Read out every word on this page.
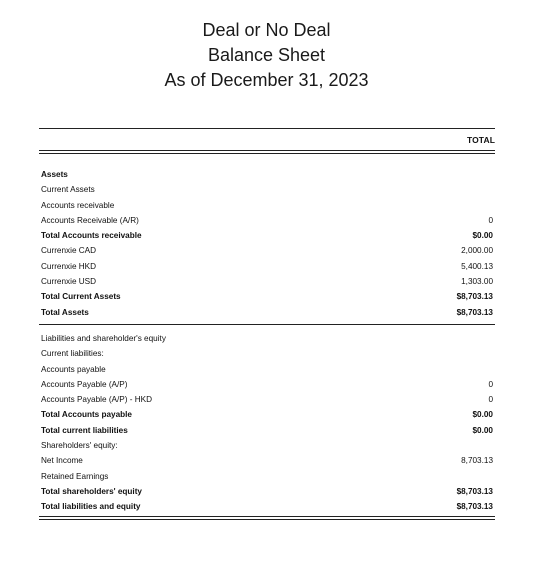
Deal or No Deal
Balance Sheet
As of December 31, 2023
TOTAL
Assets
Current Assets
Accounts receivable
Accounts Receivable (A/R)	0
Total Accounts receivable	$0.00
Currenxie CAD	2,000.00
Currenxie HKD	5,400.13
Currenxie USD	1,303.00
Total Current Assets	$8,703.13
Total Assets	$8,703.13
Liabilities and shareholder's equity
Current liabilities:
Accounts payable
Accounts Payable (A/P)	0
Accounts Payable (A/P) - HKD	0
Total Accounts payable	$0.00
Total current liabilities	$0.00
Shareholders' equity:
Net Income	8,703.13
Retained Earnings
Total shareholders' equity	$8,703.13
Total liabilities and equity	$8,703.13
